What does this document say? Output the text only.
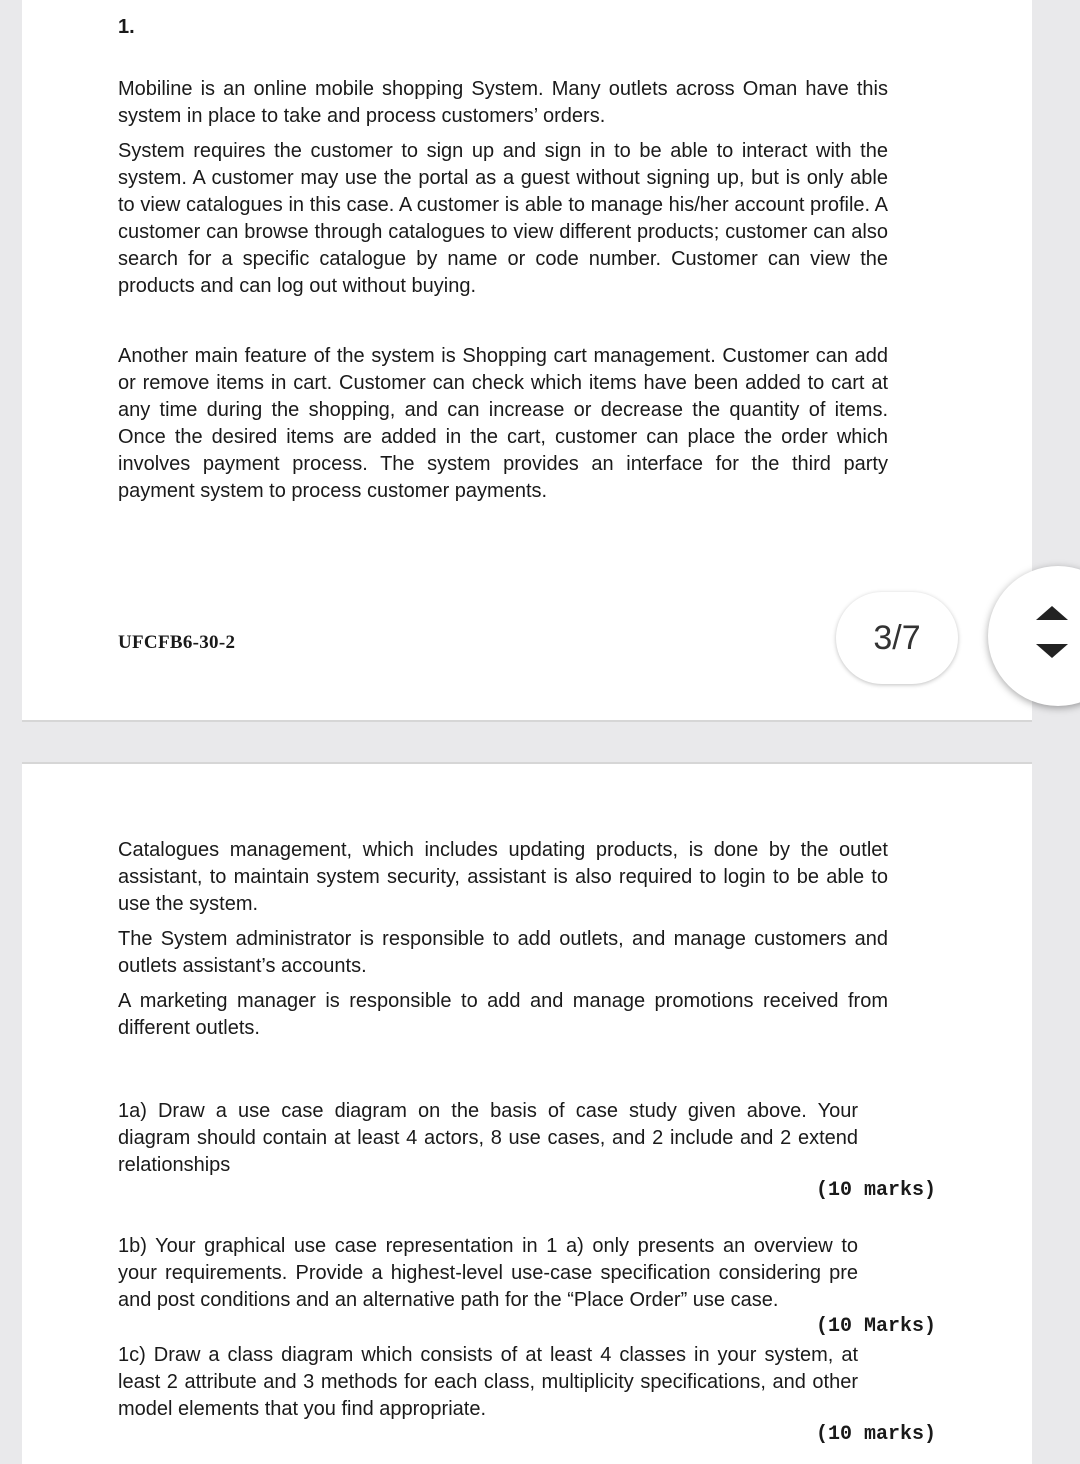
1.

Mobiline is an online mobile shopping System. Many outlets across Oman have this system in place to take and process customers’ orders.

System requires the customer to sign up and sign in to be able to interact with the system. A customer may use the portal as a guest without signing up, but is only able to view catalogues in this case. A customer is able to manage his/her account profile. A customer can browse through catalogues to view different products; customer can also search for a specific catalogue by name or code number. Customer can view the products and can log out without buying.

Another main feature of the system is Shopping cart management. Customer can add or remove items in cart. Customer can check which items have been added to cart at any time during the shopping, and can increase or decrease the quantity of items. Once the desired items are added in the cart, customer can place the order which involves payment process. The system provides an interface for the third party payment system to process customer payments.

UFCFB6-30-2	3/7

Catalogues management, which includes updating products, is done by the outlet assistant, to maintain system security, assistant is also required to login to be able to use the system.

The System administrator is responsible to add outlets, and manage customers and outlets assistant’s accounts.

A marketing manager is responsible to add and manage promotions received from different outlets.

1a) Draw a use case diagram on the basis of case study given above. Your diagram should contain at least 4 actors, 8 use cases, and 2 include and 2 extend relationships

(10 marks)

1b) Your graphical use case representation in 1 a) only presents an overview to your requirements. Provide a highest-level use-case specification considering pre and post conditions and an alternative path for the “Place Order” use case.

(10 Marks)

1c) Draw a class diagram which consists of at least 4 classes in your system, at least 2 attribute and 3 methods for each class, multiplicity specifications, and other model elements that you find appropriate.

(10 marks)
